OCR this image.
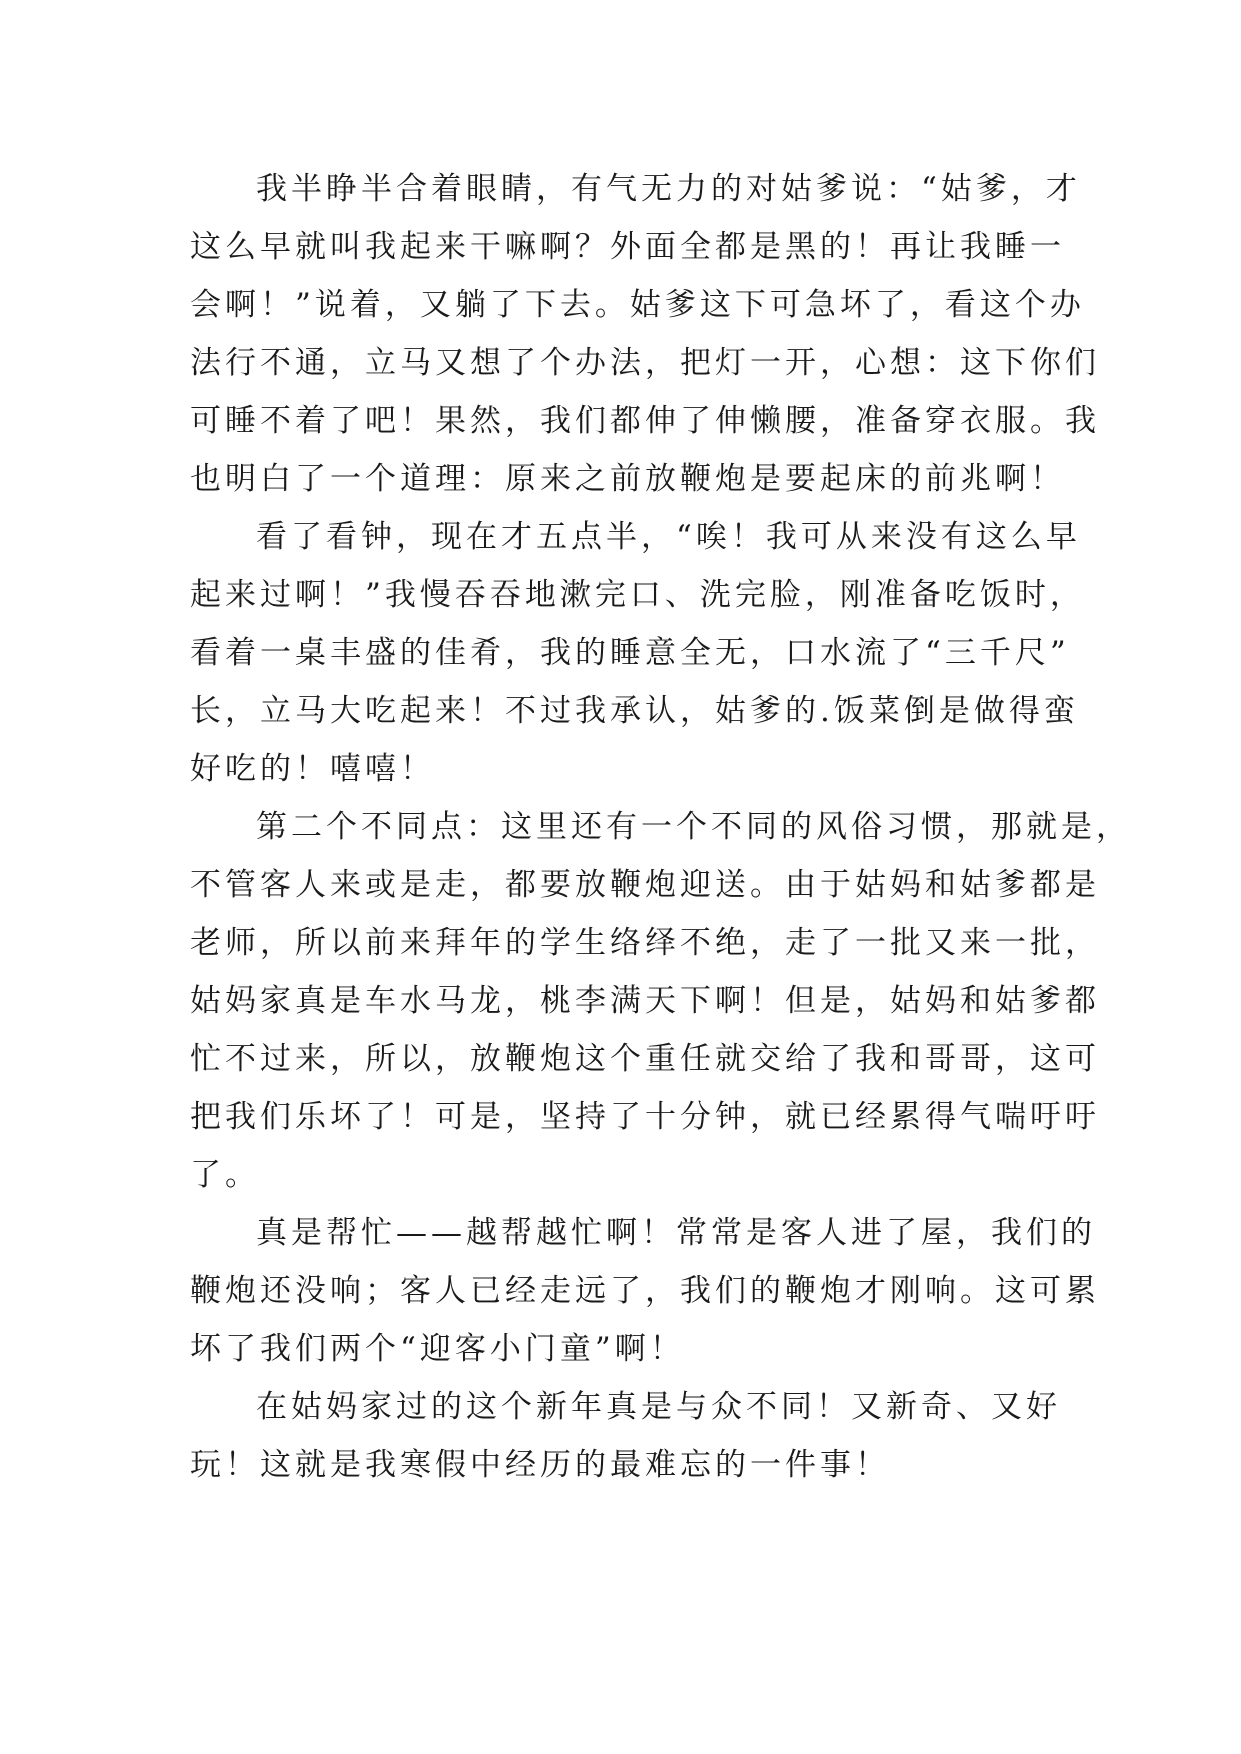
我半睁半合着眼睛，有气无力的对姑爹说：“姑爹，才
这么早就叫我起来干嘛啊？外面全都是黑的！再让我睡一
会啊！”说着，又躺了下去。姑爹这下可急坏了，看这个办
法行不通，立马又想了个办法，把灯一开，心想：这下你们
可睡不着了吧！果然，我们都伸了伸懒腰，准备穿衣服。我
也明白了一个道理：原来之前放鞭炮是要起床的前兆啊！
看了看钟，现在才五点半，“唉！我可从来没有这么早
起来过啊！”我慢吞吞地漱完口、洗完脸，刚准备吃饭时，
看着一桌丰盛的佳肴，我的睡意全无，口水流了“三千尺”
长，立马大吃起来！不过我承认，姑爹的.饭菜倒是做得蛮
好吃的！嘻嘻！
第二个不同点：这里还有一个不同的风俗习惯，那就是，
不管客人来或是走，都要放鞭炮迎送。由于姑妈和姑爹都是
老师，所以前来拜年的学生络绎不绝，走了一批又来一批，
姑妈家真是车水马龙，桃李满天下啊！但是，姑妈和姑爹都
忙不过来，所以，放鞭炮这个重任就交给了我和哥哥，这可
把我们乐坏了！可是，坚持了十分钟，就已经累得气喘吁吁
了。
真是帮忙——越帮越忙啊！常常是客人进了屋，我们的
鞭炮还没响；客人已经走远了，我们的鞭炮才刚响。这可累
坏了我们两个“迎客小门童”啊！
在姑妈家过的这个新年真是与众不同！又新奇、又好
玩！这就是我寒假中经历的最难忘的一件事！
